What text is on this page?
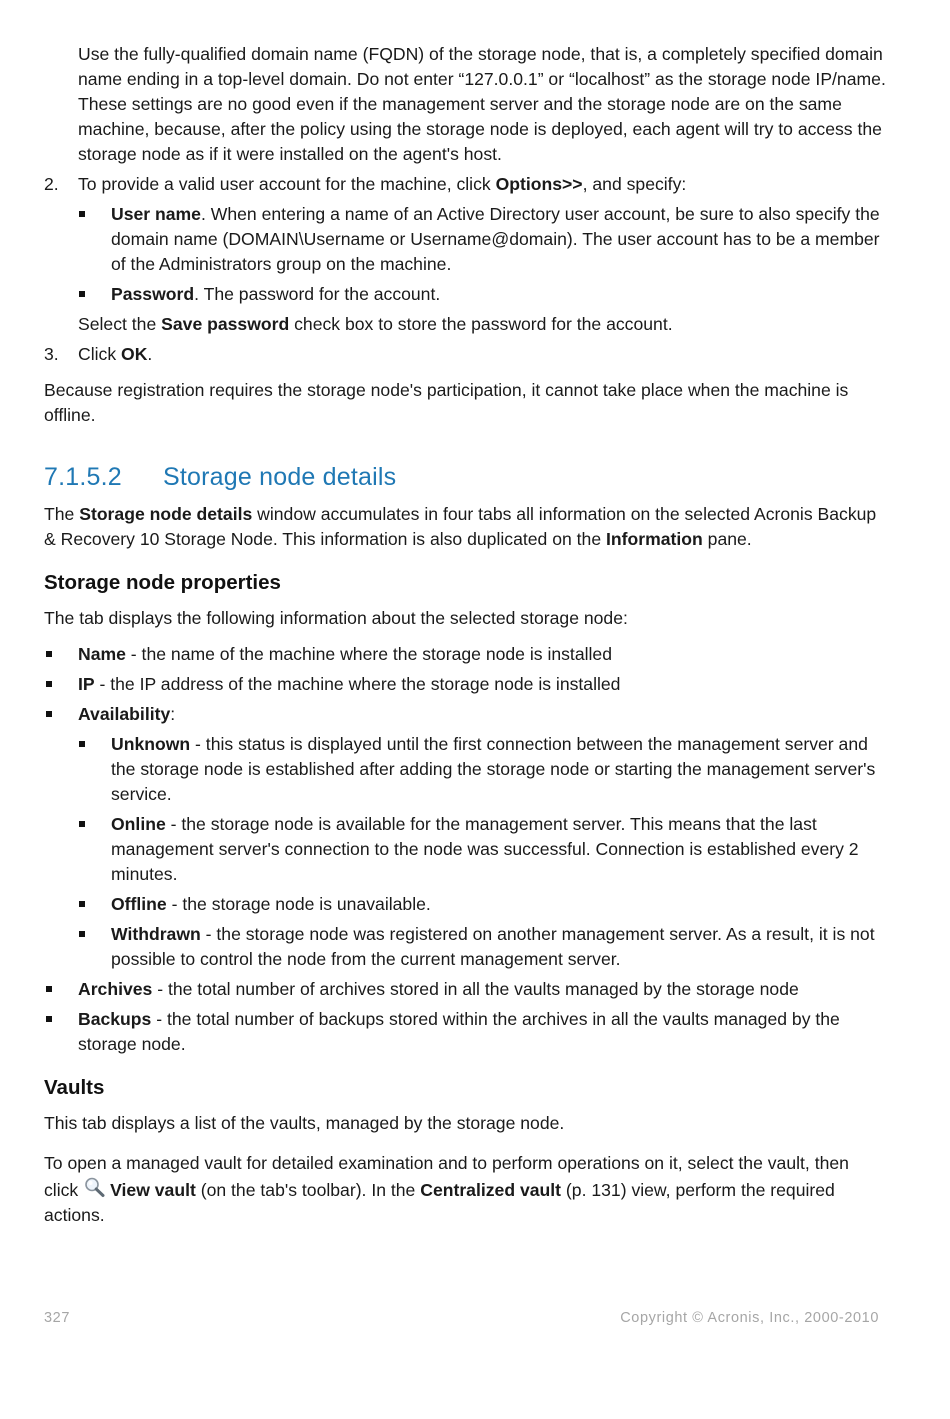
Use the fully-qualified domain name (FQDN) of the storage node, that is, a completely specified domain name ending in a top-level domain. Do not enter “127.0.0.1” or “localhost” as the storage node IP/name. These settings are no good even if the management server and the storage node are on the same machine, because, after the policy using the storage node is deployed, each agent will try to access the storage node as if it were installed on the agent's host.

2. To provide a valid user account for the machine, click Options>>, and specify:
User name. When entering a name of an Active Directory user account, be sure to also specify the domain name (DOMAIN\Username or Username@domain). The user account has to be a member of the Administrators group on the machine.
Password. The password for the account.

Select the Save password check box to store the password for the account.

3. Click OK.

Because registration requires the storage node's participation, it cannot take place when the machine is offline.

7.1.5.2 Storage node details

The Storage node details window accumulates in four tabs all information on the selected Acronis Backup & Recovery 10 Storage Node. This information is also duplicated on the Information pane.

Storage node properties

The tab displays the following information about the selected storage node:

Name - the name of the machine where the storage node is installed
IP - the IP address of the machine where the storage node is installed
Availability:
Unknown - this status is displayed until the first connection between the management server and the storage node is established after adding the storage node or starting the management server's service.
Online - the storage node is available for the management server. This means that the last management server's connection to the node was successful. Connection is established every 2 minutes.
Offline - the storage node is unavailable.
Withdrawn - the storage node was registered on another management server. As a result, it is not possible to control the node from the current management server.
Archives - the total number of archives stored in all the vaults managed by the storage node
Backups - the total number of backups stored within the archives in all the vaults managed by the storage node.
Vaults

This tab displays a list of the vaults, managed by the storage node.

To open a managed vault for detailed examination and to perform operations on it, select the vault, then click View vault (on the tab's toolbar). In the Centralized vault (p. 131) view, perform the required actions.

327	Copyright © Acronis, Inc., 2000-2010
